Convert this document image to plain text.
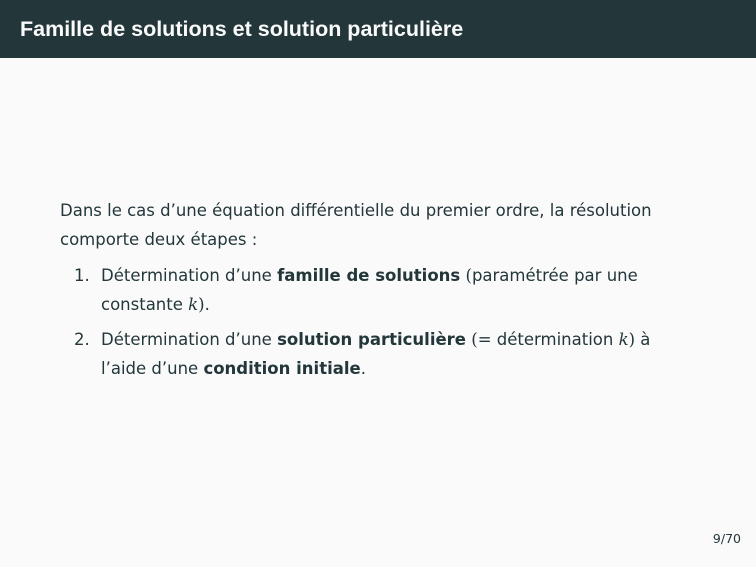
Famille de solutions et solution particulière

Dans le cas d’une équation différentielle du premier ordre, la résolution
comporte deux étapes :

1. Détermination d’une famille de solutions (paramétrée par une
constante k).
2. Détermination d’une solution particulière (= détermination k) à
l’aide d’une condition initiale.
9/70
